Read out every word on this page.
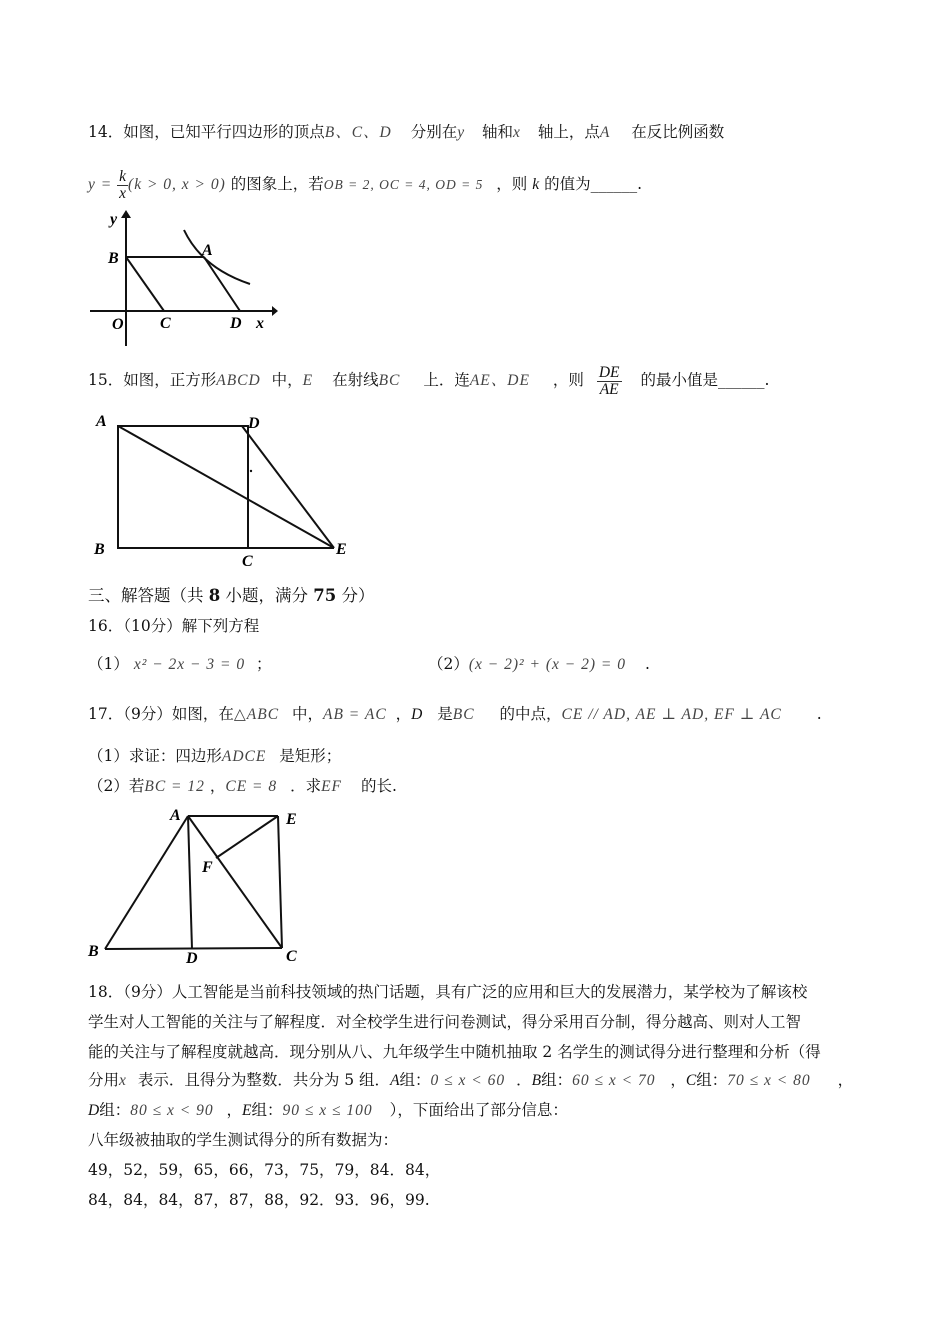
14．如图，已知平行四边形的顶点B、C、D 分别在y 轴和x 轴上，点A 在反比例函数
$y = \frac{k}{x} (k > 0$, x > 0) 的图象上，若OB = 2, OC = 4, OD = 5 ，则 k 的值为______.
y
B	A
O C	D x
15．如图，正方形ABCD 中，E 在射线BC 上．连AE、DE ，则 $\frac{DE}{AE}$ 的最小值是______.
A	D
B
C
E
三、解答题（共 8 小题，满分 75 分）
16．（10分）解下列方程
（1） x² − 2x − 3 = 0 ；	（2）(x − 2)² + (x − 2) = 0 .
17．（9分）如图，在△ABC 中，AB = AC ，D 是BC 的中点，CE // AD, AE ⊥ AD, EF ⊥ AC .
（1）求证：四边形ADCE 是矩形；
（2）若BC = 12 ，CE = 8 ．求EF 的长.
A	E
F
B	D	C
18．（9分）人工智能是当前科技领域的热门话题，具有广泛的应用和巨大的发展潜力，某学校为了解该校
学生对人工智能的关注与了解程度．对全校学生进行问卷测试，得分采用百分制，得分越高、则对人工智
能的关注与了解程度就越高．现分别从八、九年级学生中随机抽取 2 名学生的测试得分进行整理和分析（得
分用x 表示．且得分为整数．共分为 5 组．A组：0 ≤ x < 60 ．B组：60 ≤ x < 70 ，C组：70 ≤ x < 80 ，
D组：80 ≤ x < 90 ，E组：90 ≤ x ≤ 100 ），下面给出了部分信息：
八年级被抽取的学生测试得分的所有数据为：
49，52，59，65，66，73，75，79，84．84，
84，84，84，87，87，88，92．93．96，99.
